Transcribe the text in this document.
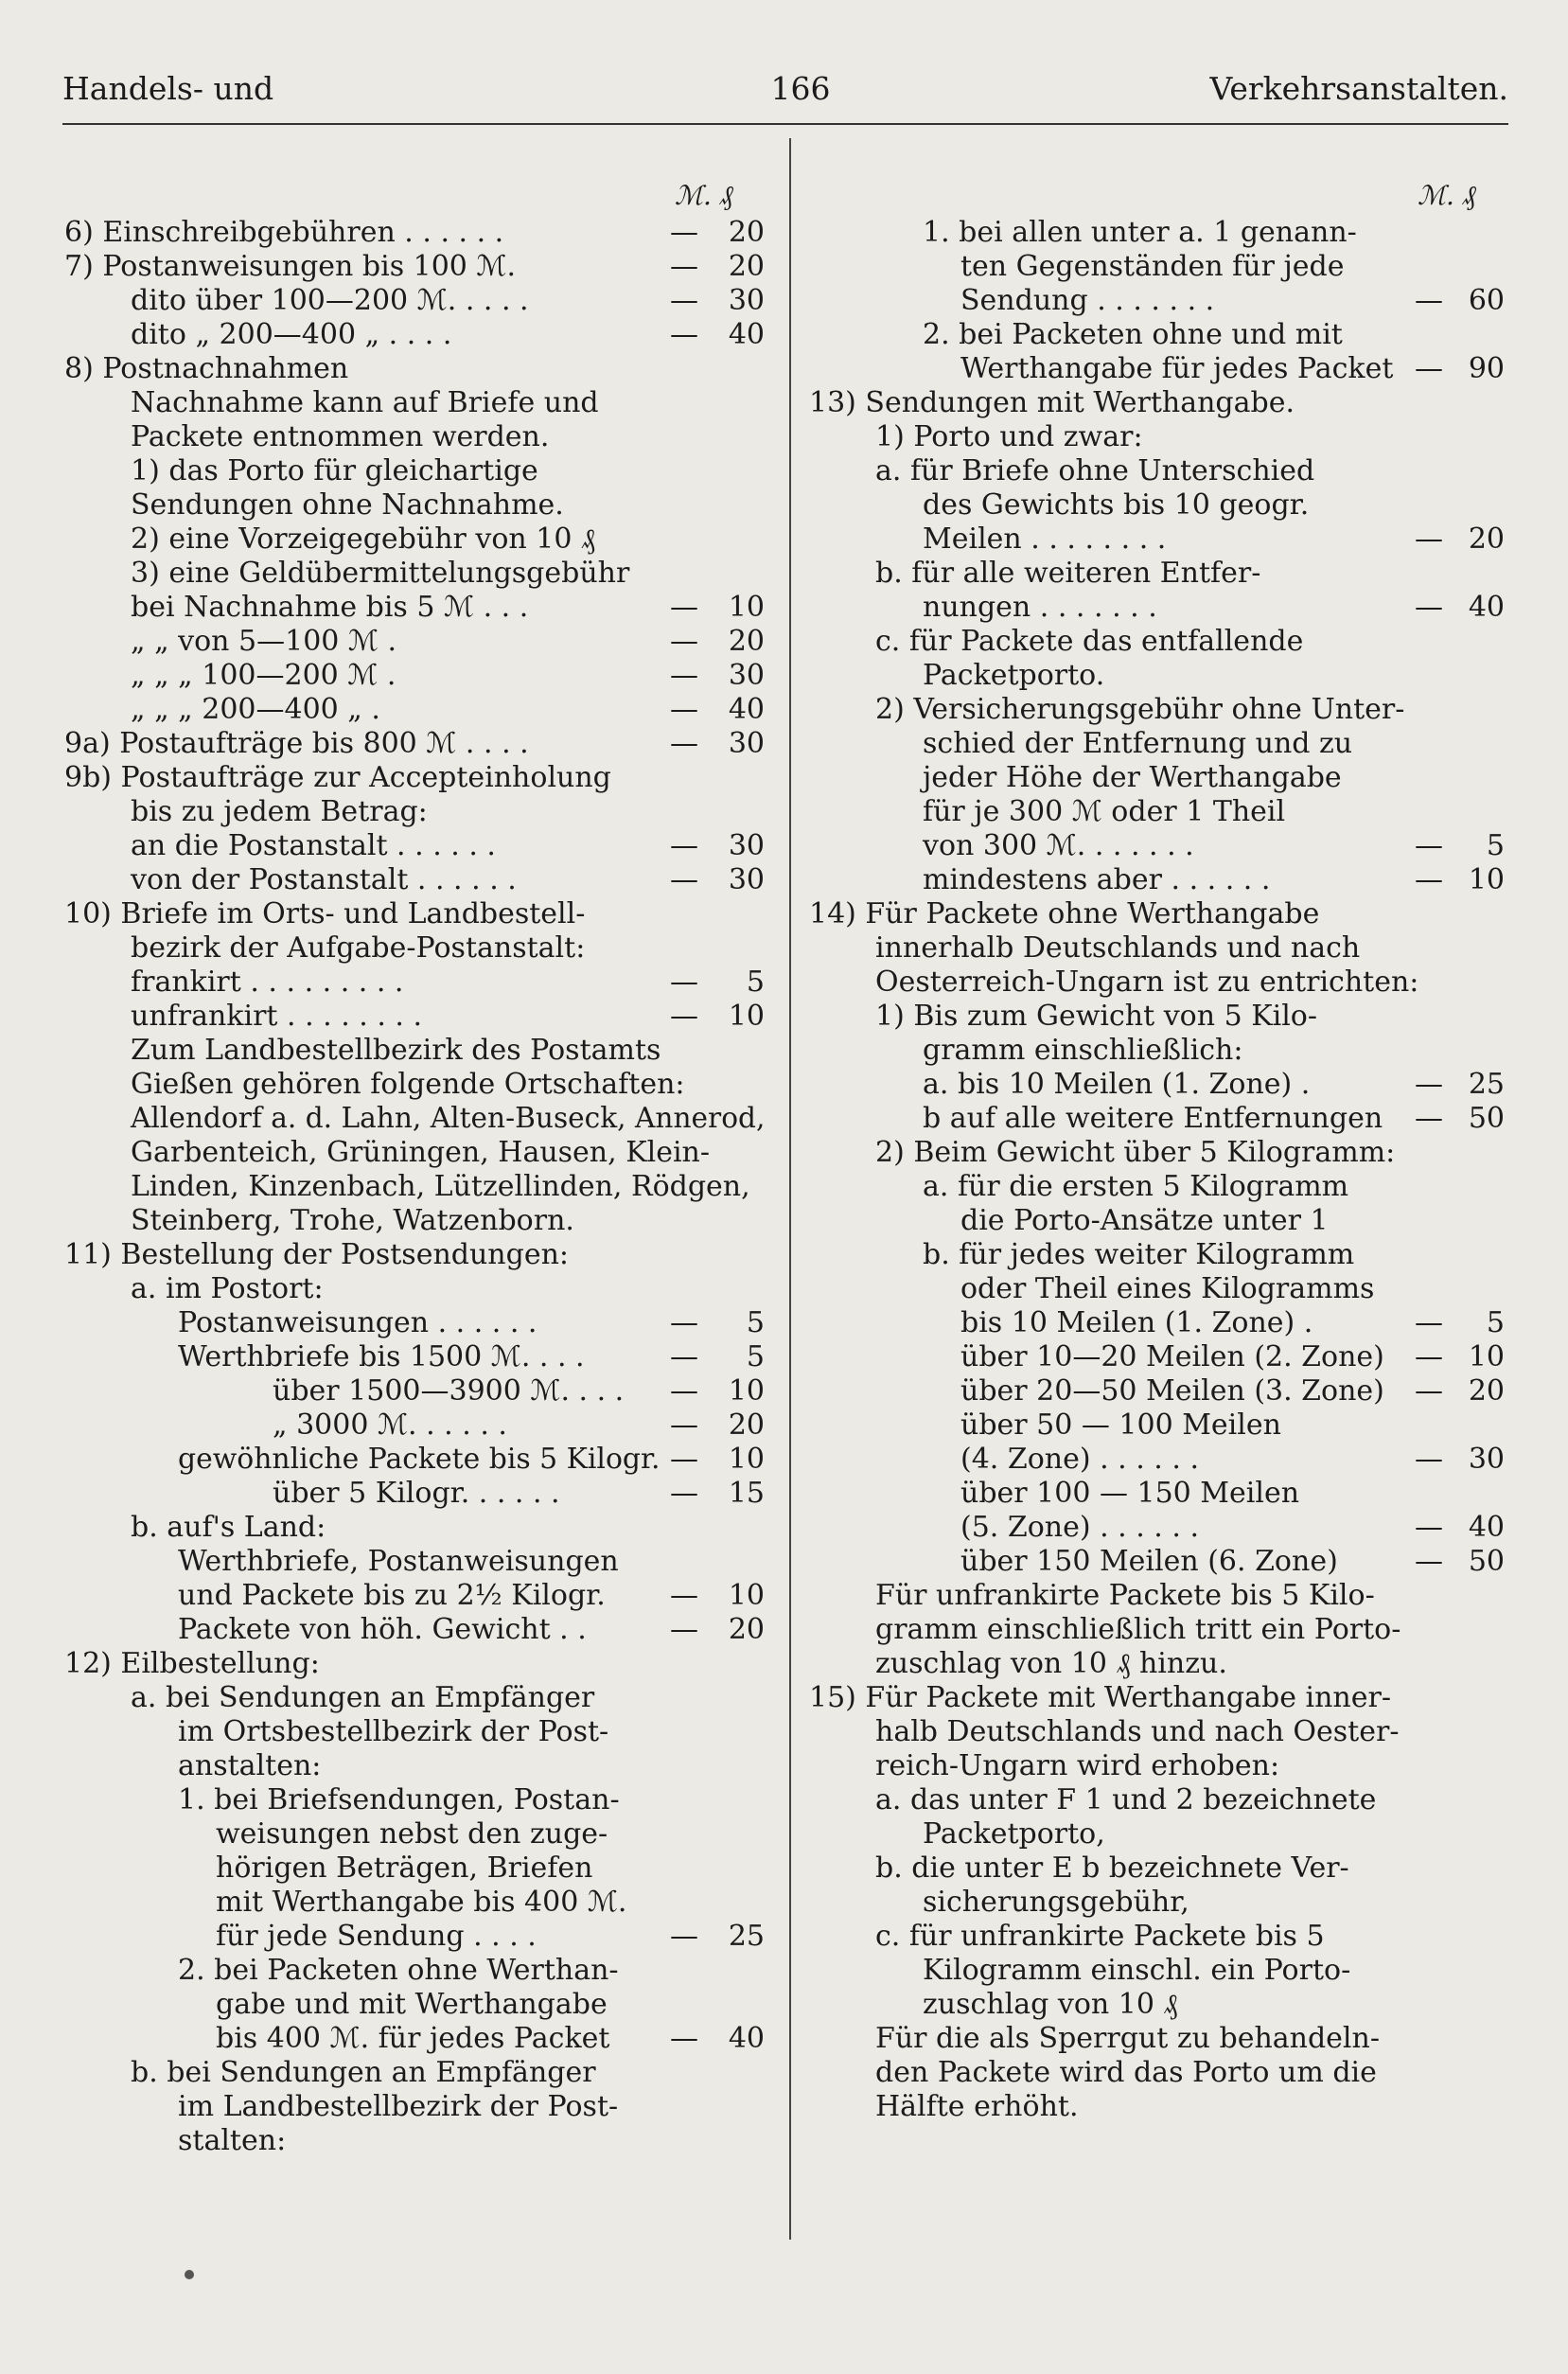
Handels- und	166	Verkehrsanstalten.
ℳ. ₰	ℳ. ₰
6) Einschreibgebühren . . . . . .	— 20
7) Postanweisungen bis 100 ℳ.	— 20
dito über 100—200 ℳ. . . . .	— 30
dito „ 200—400 „ . . . .	— 40
8) Postnachnahmen
Nachnahme kann auf Briefe und
Packete entnommen werden.
1) das Porto für gleichartige
Sendungen ohne Nachnahme.
2) eine Vorzeigegebühr von 10 ₰
3) eine Geldübermittelungsgebühr
bei Nachnahme bis 5 ℳ . . .	— 10
„ „ von 5—100 ℳ .	— 20
„ „ „ 100—200 ℳ .	— 30
„ „ „ 200—400 „ .	— 40
9a) Postaufträge bis 800 ℳ . . . .	— 30
9b) Postaufträge zur Accepteinholung
bis zu jedem Betrag:
an die Postanstalt . . . . . .	— 30
von der Postanstalt . . . . . .	— 30
10) Briefe im Orts- und Landbestell-
bezirk der Aufgabe-Postanstalt:
frankirt . . . . . . . . .	—	5
unfrankirt . . . . . . . .	— 10
Zum Landbestellbezirk des Postamts
Gießen gehören folgende Ortschaften:
Allendorf a. d. Lahn, Alten-Buseck, Annerod,
Garbenteich, Grüningen, Hausen, Klein-
Linden, Kinzenbach, Lützellinden, Rödgen,
Steinberg, Trohe, Watzenborn.
11) Bestellung der Postsendungen:
a. im Postort:
Postanweisungen . . . . . .	—	5
Werthbriefe bis 1500 ℳ. . . .	—	5
über 1500—3900 ℳ. . . . — 10
„ 3000 ℳ. . . . . .	— 20
gewöhnliche Packete bis 5 Kilogr. — 10
über 5 Kilogr. . . . . .	— 15
b. auf's Land:
Werthbriefe, Postanweisungen
und Packete bis zu 2½ Kilogr. — 10
Packete von höh. Gewicht . .	— 20
12) Eilbestellung:
a. bei Sendungen an Empfänger
im Ortsbestellbezirk der Post-
anstalten:
1. bei Briefsendungen, Postan-
weisungen nebst den zuge-
hörigen Beträgen, Briefen
mit Werthangabe bis 400 ℳ.
für jede Sendung . . . .	— 25
2. bei Packeten ohne Werthan-
gabe und mit Werthangabe
bis 400 ℳ. für jedes Packet — 40
b. bei Sendungen an Empfänger
im Landbestellbezirk der Post-
stalten:
1. bei allen unter a. 1 genann-
ten Gegenständen für jede
Sendung . . . . . . .	— 60
2. bei Packeten ohne und mit
Werthangabe für jedes Packet — 90
13) Sendungen mit Werthangabe.
1) Porto und zwar:
a. für Briefe ohne Unterschied
des Gewichts bis 10 geogr.
Meilen . . . . . . . .	— 20
b. für alle weiteren Entfer-
nungen . . . . . . .	— 40
c. für Packete das entfallende
Packetporto.
2) Versicherungsgebühr ohne Unter-
schied der Entfernung und zu
jeder Höhe der Werthangabe
für je 300 ℳ oder 1 Theil
von 300 ℳ. . . . . . .	—	5
mindestens aber . . . . . .	— 10
14) Für Packete ohne Werthangabe
innerhalb Deutschlands und nach
Oesterreich-Ungarn ist zu entrichten:
1) Bis zum Gewicht von 5 Kilo-
gramm einschließlich:
a. bis 10 Meilen (1. Zone) .	— 25
b auf alle weitere Entfernungen — 50
2) Beim Gewicht über 5 Kilogramm:
a. für die ersten 5 Kilogramm
die Porto-Ansätze unter 1
b. für jedes weiter Kilogramm
oder Theil eines Kilogramms
bis 10 Meilen (1. Zone) .	—	5
über 10—20 Meilen (2. Zone) — 10
über 20—50 Meilen (3. Zone) — 20
über 50 — 100 Meilen
(4. Zone) . . . . . .	— 30
über 100 — 150 Meilen
(5. Zone) . . . . . .	— 40
über 150 Meilen (6. Zone)	— 50
Für unfrankirte Packete bis 5 Kilo-
gramm einschließlich tritt ein Porto-
zuschlag von 10 ₰ hinzu.
15) Für Packete mit Werthangabe inner-
halb Deutschlands und nach Oester-
reich-Ungarn wird erhoben:
a. das unter F 1 und 2 bezeichnete
Packetporto,
b. die unter E b bezeichnete Ver-
sicherungsgebühr,
c. für unfrankirte Packete bis 5
Kilogramm einschl. ein Porto-
zuschlag von 10 ₰
Für die als Sperrgut zu behandeln-
den Packete wird das Porto um die
Hälfte erhöht.
